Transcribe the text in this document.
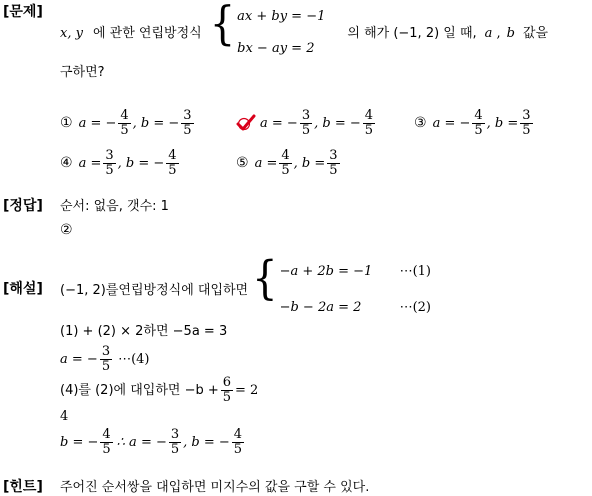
[문제]
[정답]
[해설]
[힌트]
x, y 에 관한 연립방정식 { ax + by = −1
bx − ay = 2
의 해가 (−1, 2) 일 때, a , b 값을
구하면?
① a = − $\frac{4}{5}$ , b = − $\frac{3}{5}$	a = − $\frac{3}{5}$ , b = − $\frac{4}{5}$	③ a = − $\frac{4}{5}$ , $b = \frac{3}{5}$
④ $a = \frac{3}{5}$ , b = − $\frac{4}{5}$	⑤ $a = \frac{4}{5}$ , $b = \frac{3}{5}$
순서: 없음, 갯수: 1
②
(−1, 2)를연립방정식에 대입하면 { −a + 2b = −1	⋯(1)
−b − 2a = 2	⋯(2)
(1) + (2) × 2하면 −5a = 3
a = − $\frac{3}{5}$ ⋯(4)
(4)를 (2)에 대입하면 $-b + \frac{6}{5} = 2$
4
b = − $\frac{4}{5}$ ∴ a = − $\frac{3}{5}$ , b = − $\frac{4}{5}$
주어진 순서쌍을 대입하면 미지수의 값을 구할 수 있다.
